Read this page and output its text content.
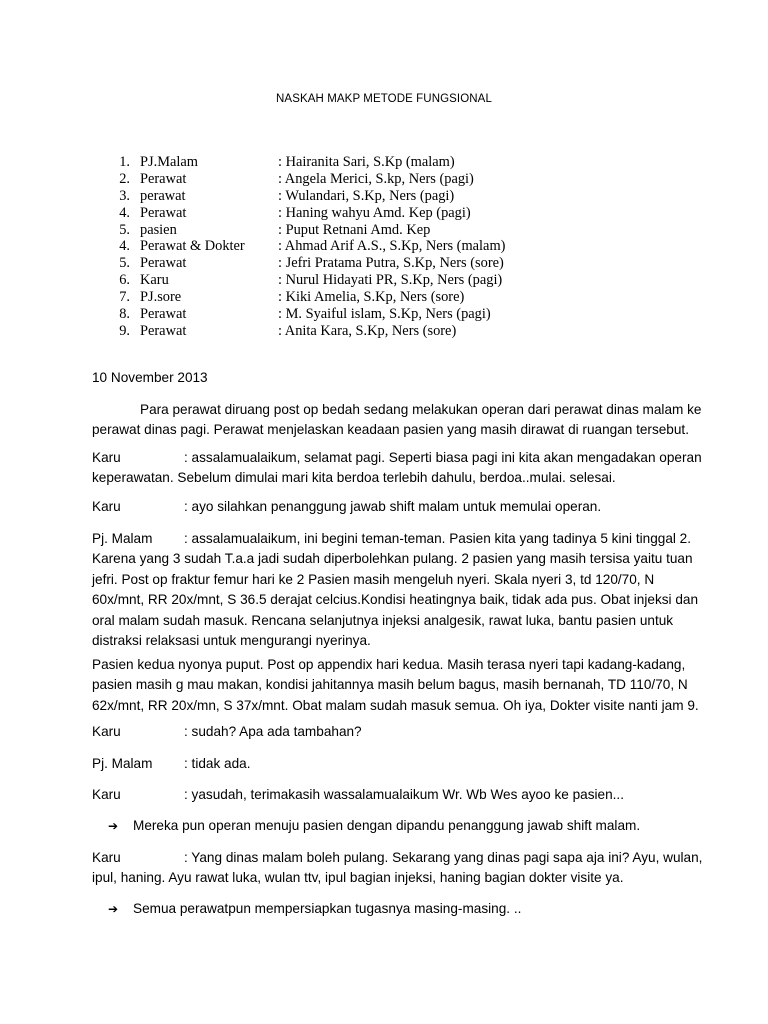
NASKAH MAKP METODE FUNGSIONAL
1. PJ.Malam	: Hairanita Sari, S.Kp (malam)
2. Perawat	: Angela Merici, S.kp, Ners (pagi)
3. perawat	: Wulandari, S.Kp, Ners (pagi)
4. Perawat	: Haning wahyu Amd. Kep (pagi)
5. pasien	: Puput Retnani Amd. Kep
4. Perawat & Dokter : Ahmad Arif A.S., S.Kp, Ners (malam)
5. Perawat	: Jefri Pratama Putra, S.Kp, Ners (sore)
6. Karu	: Nurul Hidayati PR, S.Kp, Ners (pagi)
7. PJ.sore	: Kiki Amelia, S.Kp, Ners (sore)
8. Perawat	: M. Syaiful islam, S.Kp, Ners (pagi)
9. Perawat	: Anita Kara, S.Kp, Ners (sore)
10 November 2013
Para perawat diruang post op bedah sedang melakukan operan dari perawat dinas malam ke
perawat dinas pagi. Perawat menjelaskan keadaan pasien yang masih dirawat di ruangan tersebut.
Karu	: assalamualaikum, selamat pagi. Seperti biasa pagi ini kita akan mengadakan operan
keperawatan. Sebelum dimulai mari kita berdoa terlebih dahulu, berdoa..mulai. selesai.
Karu	: ayo silahkan penanggung jawab shift malam untuk memulai operan.
Pj. Malam : assalamualaikum, ini begini teman-teman. Pasien kita yang tadinya 5 kini tinggal 2.
Karena yang 3 sudah T.a.a jadi sudah diperbolehkan pulang. 2 pasien yang masih tersisa yaitu tuan
jefri. Post op fraktur femur hari ke 2 Pasien masih mengeluh nyeri. Skala nyeri 3, td 120/70, N
60x/mnt, RR 20x/mnt, S 36.5 derajat celcius.Kondisi heatingnya baik, tidak ada pus. Obat injeksi dan
oral malam sudah masuk. Rencana selanjutnya injeksi analgesik, rawat luka, bantu pasien untuk
distraksi relaksasi untuk mengurangi nyerinya.
Pasien kedua nyonya puput. Post op appendix hari kedua. Masih terasa nyeri tapi kadang-kadang,
pasien masih g mau makan, kondisi jahitannya masih belum bagus, masih bernanah, TD 110/70, N
62x/mnt, RR 20x/mn, S 37x/mnt. Obat malam sudah masuk semua. Oh iya, Dokter visite nanti jam 9.
Karu	: sudah? Apa ada tambahan?
Pj. Malam : tidak ada.
Karu	: yasudah, terimakasih wassalamualaikum Wr. Wb Wes ayoo ke pasien...
➔ Mereka pun operan menuju pasien dengan dipandu penanggung jawab shift malam.
Karu	: Yang dinas malam boleh pulang. Sekarang yang dinas pagi sapa aja ini? Ayu, wulan,
ipul, haning. Ayu rawat luka, wulan ttv, ipul bagian injeksi, haning bagian dokter visite ya.
➔ Semua perawatpun mempersiapkan tugasnya masing-masing. ..
